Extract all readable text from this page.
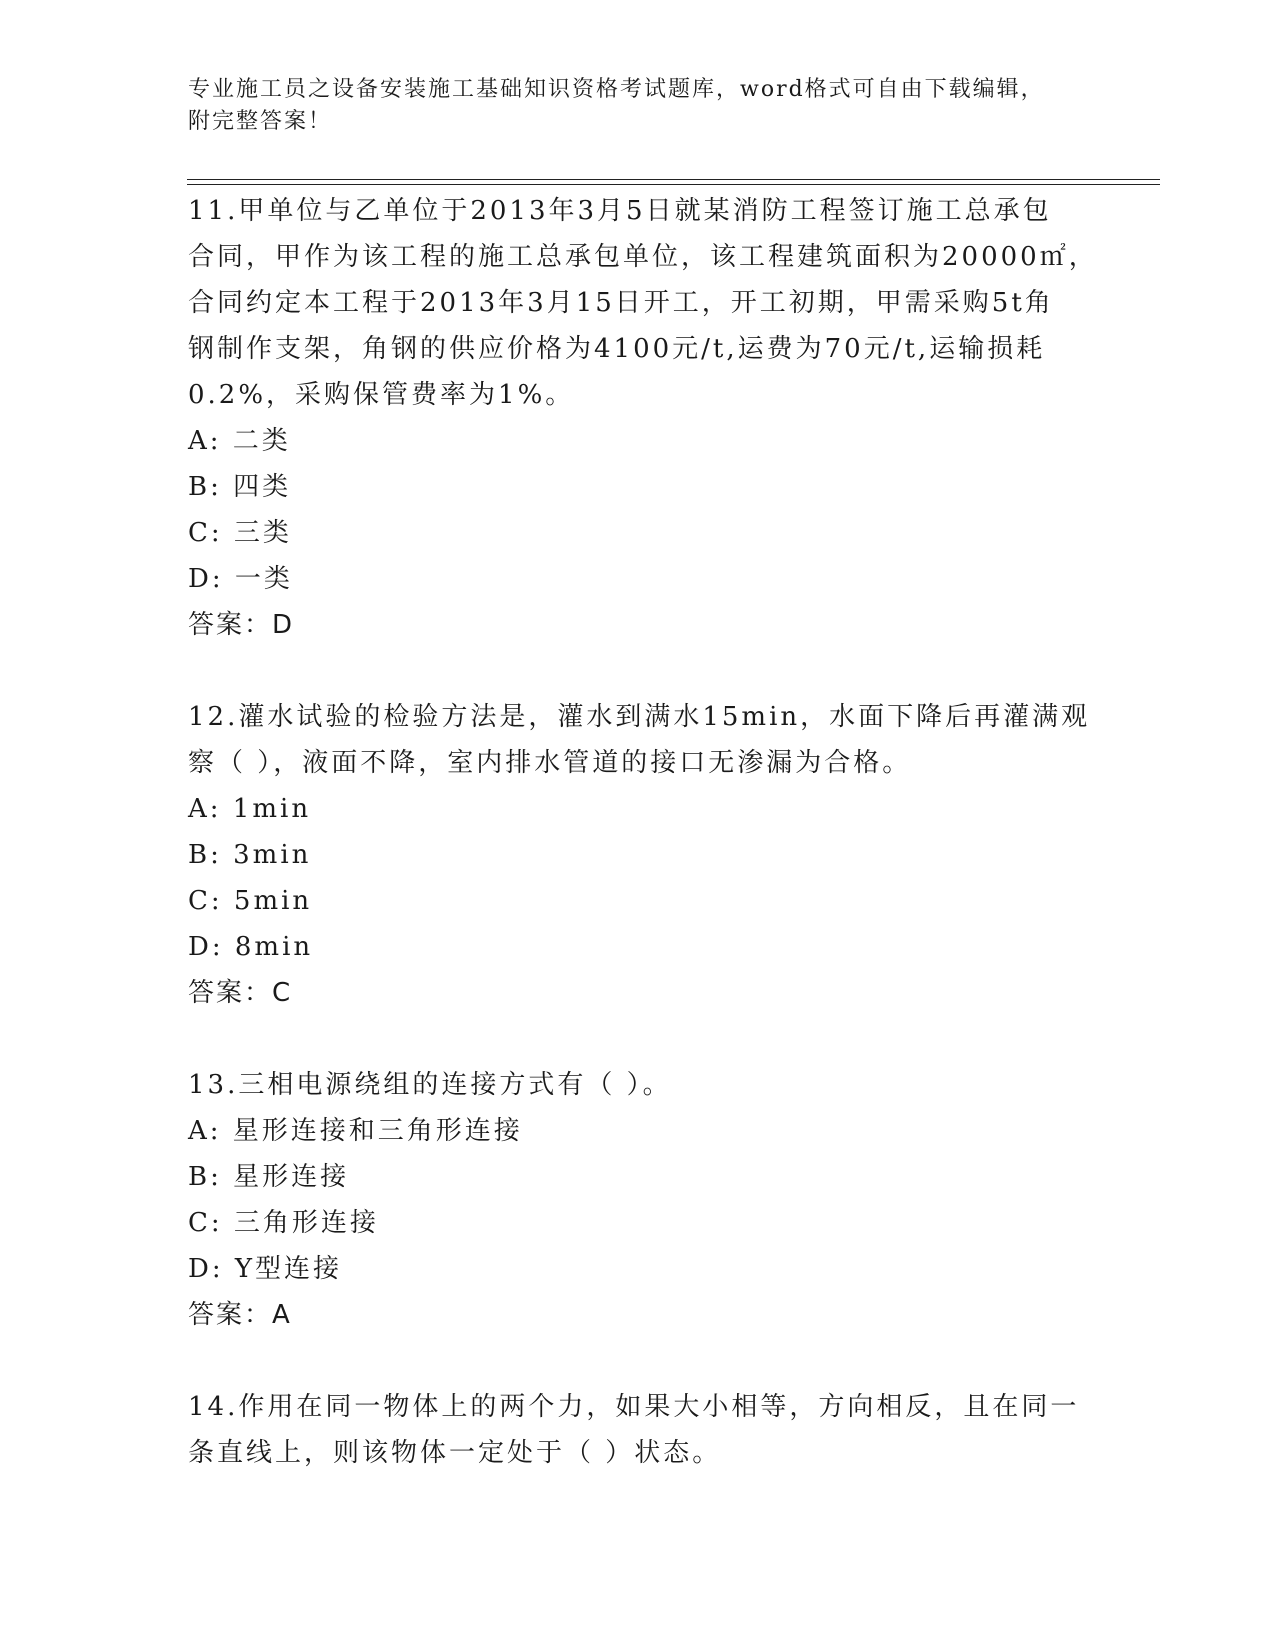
专业施工员之设备安装施工基础知识资格考试题库，word格式可自由下载编辑，
附完整答案！
11.甲单位与乙单位于2013年3月5日就某消防工程签订施工总承包
合同，甲作为该工程的施工总承包单位，该工程建筑面积为20000㎡，
合同约定本工程于2013年3月15日开工，开工初期，甲需采购5t角
钢制作支架，角钢的供应价格为4100元/t,运费为70元/t,运输损耗
0.2%，采购保管费率为1%。
A: 二类
B: 四类
C: 三类
D: 一类
答案：D
12.灌水试验的检验方法是，灌水到满水15min，水面下降后再灌满观
察（ ），液面不降，室内排水管道的接口无渗漏为合格。
A: 1min
B: 3min
C: 5min
D: 8min
答案：C
13.三相电源绕组的连接方式有（ ）。
A: 星形连接和三角形连接
B: 星形连接
C: 三角形连接
D: Y型连接
答案：A
14.作用在同一物体上的两个力，如果大小相等，方向相反，且在同一
条直线上，则该物体一定处于（ ）状态。
